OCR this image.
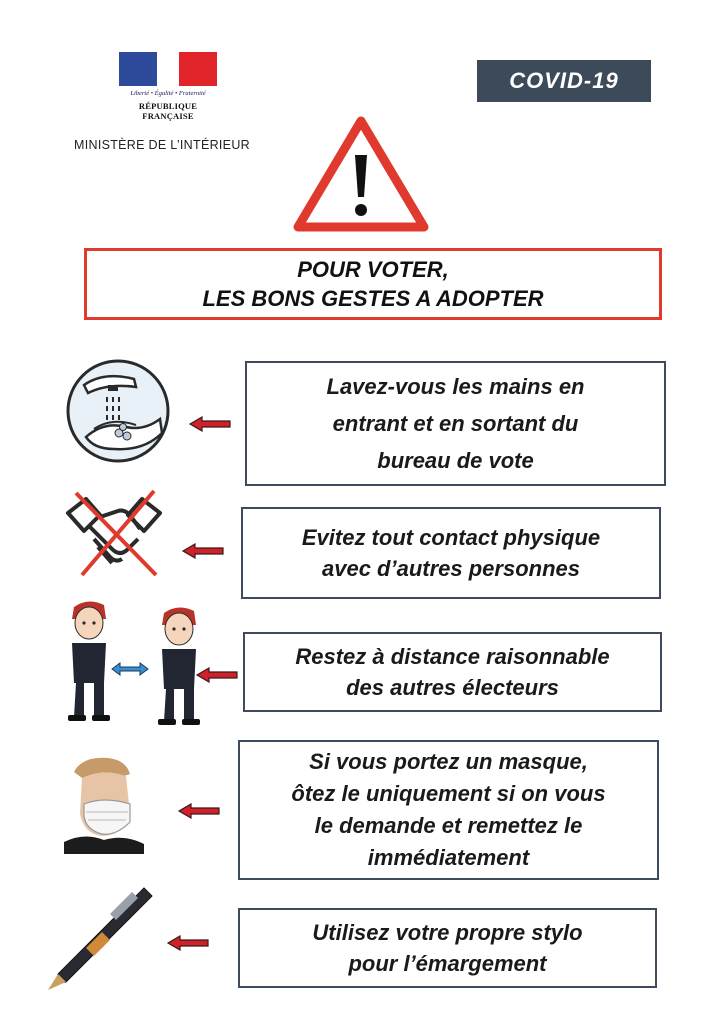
Liberté • Égalité • Fraternité
RÉPUBLIQUE FRANÇAISE
MINISTÈRE DE L’INTÉRIEUR
COVID-19
POUR VOTER,
LES BONS GESTES A ADOPTER
Lavez-vous les mains en
entrant et en sortant du
bureau de vote
Evitez tout contact physique
avec d’autres personnes
Restez à distance raisonnable
des autres électeurs
Si vous portez un masque,
ôtez le uniquement si on vous
le demande et remettez le
immédiatement
Utilisez votre propre stylo
pour l’émargement
